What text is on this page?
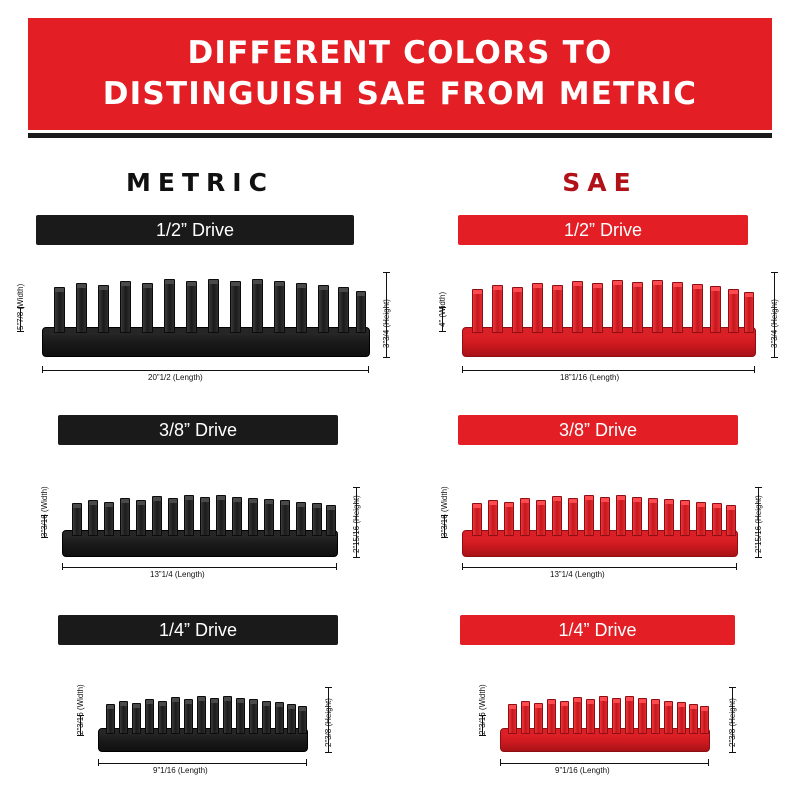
DIFFERENT COLORS TO
DISTINGUISH SAE FROM METRIC
METRIC	SAE
1/2” Drive
20”1/2 (Length)
3”3/4 (Height)
5”7/8 (Width)
1/2” Drive
18”1/16 (Length)
3”3/4 (Height)
4” (Width)
3/8” Drive
13”1/4 (Length)
2”15/16 (Height)
3”3/16 (Width)
3/8” Drive
13”1/4 (Length)
2”15/16 (Height)
3”3/16 (Width)
1/4” Drive
9”1/16 (Length)
2”3/8 (Height)
2”3/16 (Width)
1/4” Drive
9”1/16 (Length)
2”3/8 (Height)
2”3/16 (Width)
